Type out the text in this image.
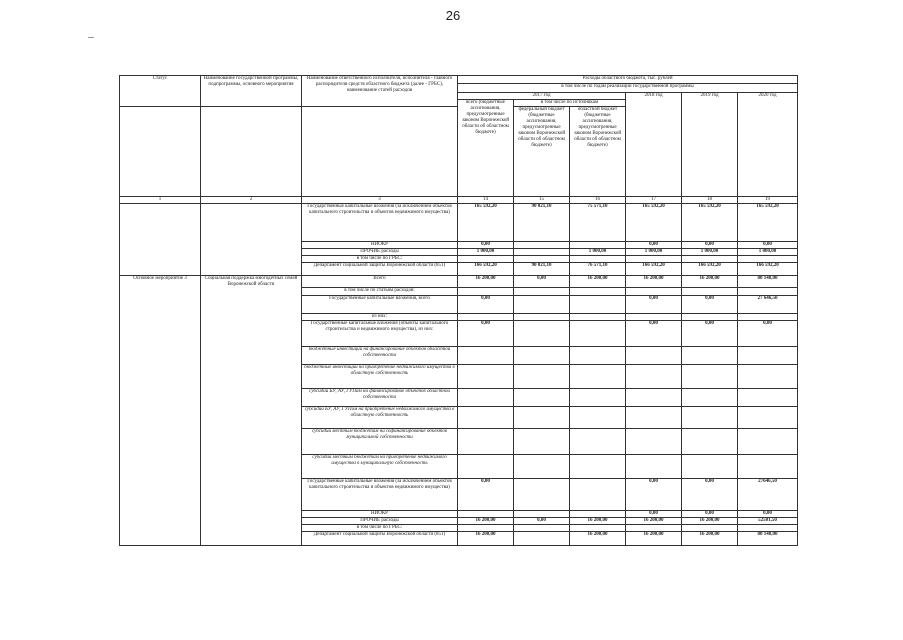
26
Статус	Наименование государственной программы, подпрограммы, основного мероприятия	Наименование ответственного исполнителя, исполнителя - главного распорядителя средств областного бюджета (далее - ГРБС), наименование статей расходов	Расходы областного бюджета, тыс. рублей					
			в том числе по годам реализации государственной программы					
			2017 год			2018 год	2019 год	2020 год
			всего (бюджетные ассигнования, предусмотренные законом Воронежской области об областном бюджете)	в том числе по источникам				
				федеральный бюджет (бюджетные ассигнования, предусмотренные законом Воронежской области об областном бюджете)	областной бюджет (бюджетные ассигнования, предусмотренные законом Воронежской области об областном бюджете)			
1	2	3	14	15	16	17	18	19
		Государственные капитальные вложения (за исключением объектов капитального строительства и объектов недвижимого имущества)	165 592,20	90 021,10	75 571,10	165 592,20	165 592,20	165 592,20
		НИОКР	0,00			0,00	0,00	0,00
		ПРОЧИЕ расходы	1 000,00		1 000,00	1 000,00	1 000,00	1 000,00
		в том числе по ГРБС:						
		Департамент социальной защиты Воронежской области (851)	166 592,20	90 021,10	76 571,10	166 592,20	166 592,20	166 592,20
Основное мероприятие 3	Социальная поддержка многодетных семей Воронежской области	Всего	16 200,00	0,00	16 200,00	16 200,00	16 200,00	80 148,00
		в том числе по статьям расходов:						
		Государственные капитальные вложения, всего	0,00			0,00	0,00	27 646,50
		из них:						
		Государственные капитальные вложения (объекты капитального строительства и недвижимого имущества), из них:	0,00			0,00	0,00	0,00
		бюджетные инвестиции на финансирование объектов областной собственности						
		бюджетные инвестиции на приобретение недвижимого имущества в областную собственность						
		субсидии БУ, АУ, ГУПам на финансирование объектов областной собственности						
		субсидии БУ, АУ, ГУПам на приобретение недвижимого имущества в областную собственность						
		субсидии местным бюджетам на софинансирование объектов муниципальной собственности						
		субсидии местным бюджетам на приобретение недвижимого имущества в муниципальную собственность						
		Государственные капитальные вложения (за исключением объектов капитального строительства и объектов недвижимого имущества)	0,00			0,00	0,00	27646,50
		НИОКР				0,00	0,00	0,00
		ПРОЧИЕ расходы	16 200,00	0,00	16 200,00	16 200,00	16 200,00	52501,50
		в том числе по ГРБС:						
		Департамент социальной защиты Воронежской области (851)	16 200,00		16 200,00	16 200,00	16 200,00	80 148,00
